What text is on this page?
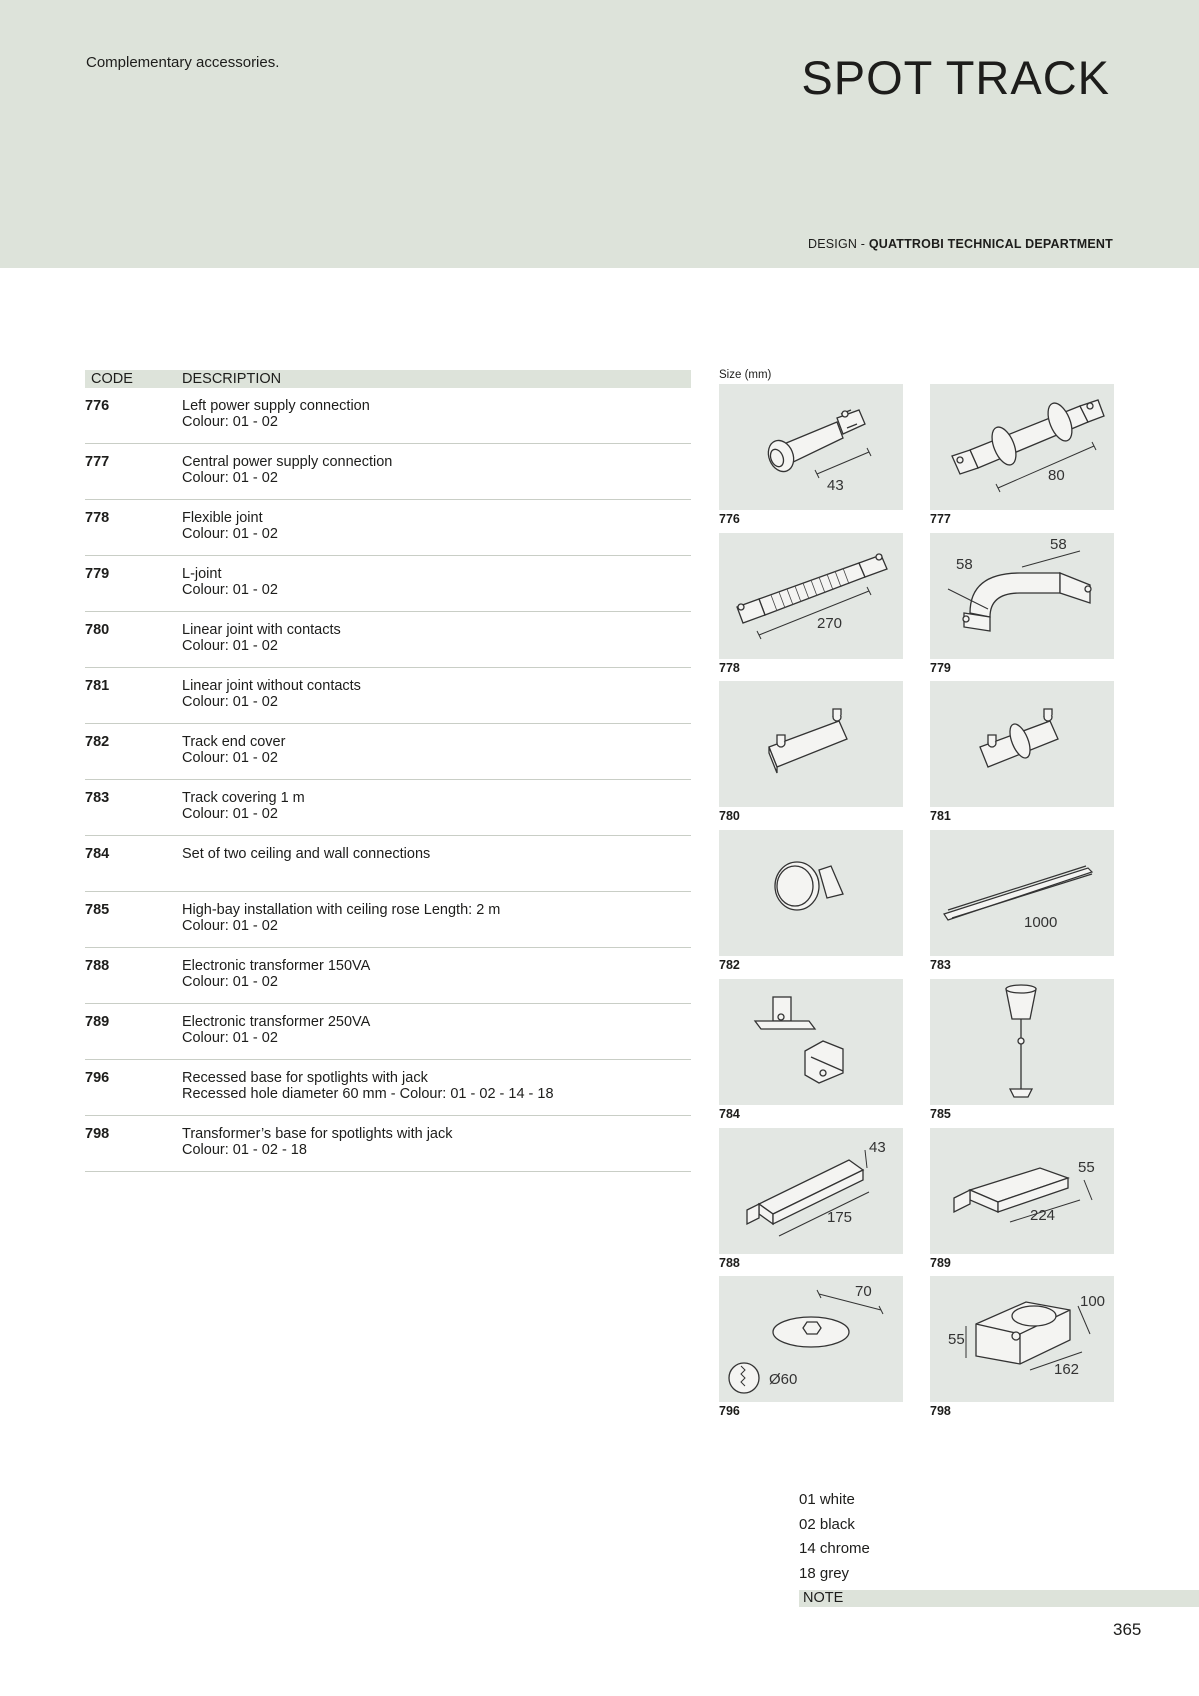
Complementary accessories.	SPOT TRACK
DESIGN - QUATTROBI TECHNICAL DEPARTMENT
CODE	DESCRIPTION
776	Left power supply connection
Colour: 01 - 02
777	Central power supply connection
Colour: 01 - 02
778	Flexible joint
Colour: 01 - 02
779	L-joint
Colour: 01 - 02
780	Linear joint with contacts
Colour: 01 - 02
781	Linear joint without contacts
Colour: 01 - 02
782	Track end cover
Colour: 01 - 02
783	Track covering 1 m
Colour: 01 - 02
784	Set of two ceiling and wall connections
785	High-bay installation with ceiling rose Length: 2 m
Colour: 01 - 02
788	Electronic transformer 150VA
Colour: 01 - 02
789	Electronic transformer 250VA
Colour: 01 - 02
796	Recessed base for spotlights with jack
Recessed hole diameter 60 mm - Colour: 01 - 02 - 14 - 18
798	Transformer’s base for spotlights with jack
Colour: 01 - 02 - 18
Size (mm)
43
776
80
777
270
778
58
58
779
780	781
782
1000
783
784	785
43
175
788
55
224
789
70
Ø60
796
100
55
162
798
01 white
02 black
14 chrome
18 grey
NOTE
365
